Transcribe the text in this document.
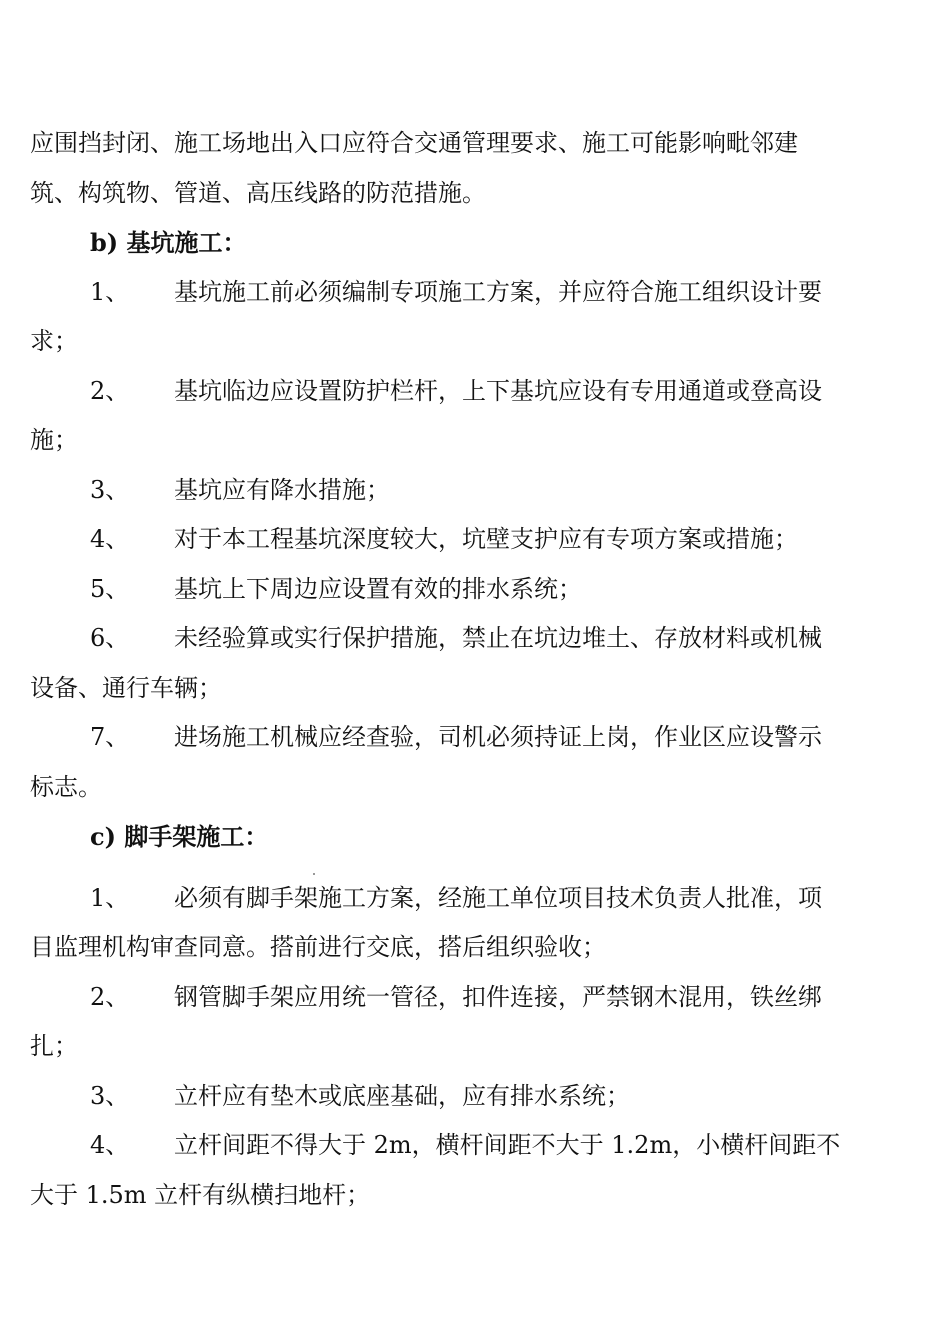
应围挡封闭、施工场地出入口应符合交通管理要求、施工可能影响毗邻建

筑、构筑物、管道、高压线路的防范措施。

b) 基坑施工：

1、 基坑施工前必须编制专项施工方案，并应符合施工组织设计要

求；

2、 基坑临边应设置防护栏杆，上下基坑应设有专用通道或登高设

施；

3、 基坑应有降水措施；

4、 对于本工程基坑深度较大，坑壁支护应有专项方案或措施；

5、 基坑上下周边应设置有效的排水系统；

6、 未经验算或实行保护措施，禁止在坑边堆土、存放材料或机械

设备、通行车辆；

7、 进场施工机械应经查验，司机必须持证上岗，作业区应设警示

标志。

c) 脚手架施工：

1、 必须有脚手架施工方案，经施工单位项目技术负责人批准，项

目监理机构审查同意。搭前进行交底，搭后组织验收；

2、 钢管脚手架应用统一管径，扣件连接，严禁钢木混用，铁丝绑

扎；

3、 立杆应有垫木或底座基础，应有排水系统；

4、 立杆间距不得大于 2m，横杆间距不大于 1.2m，小横杆间距不

大于 1.5m 立杆有纵横扫地杆；
